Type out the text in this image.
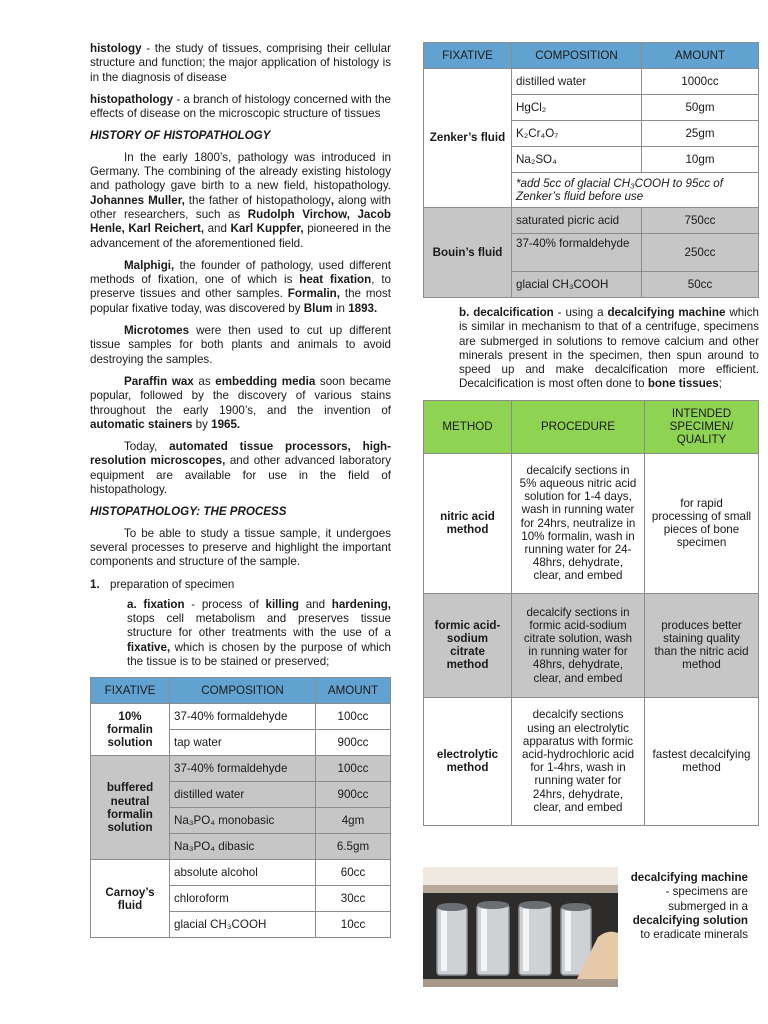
histology - the study of tissues, comprising their cellular structure and function; the major application of histology is in the diagnosis of disease

histopathology - a branch of histology concerned with the effects of disease on the microscopic structure of tissues

HISTORY OF HISTOPATHOLOGY

In the early 1800’s, pathology was introduced in Germany. The combining of the already existing histology and pathology gave birth to a new field, histopathology. Johannes Muller, the father of histopathology, along with other researchers, such as Rudolph Virchow, Jacob Henle, Karl Reichert, and Karl Kuppfer, pioneered in the advancement of the aforementioned field.

Malphigi, the founder of pathology, used different methods of fixation, one of which is heat fixation, to preserve tissues and other samples. Formalin, the most popular fixative today, was discovered by Blum in 1893.

Microtomes were then used to cut up different tissue samples for both plants and animals to avoid destroying the samples.

Paraffin wax as embedding media soon became popular, followed by the discovery of various stains throughout the early 1900’s, and the invention of automatic stainers by 1965.

Today, automated tissue processors, high-resolution microscopes, and other advanced laboratory equipment are available for use in the field of histopathology.

HISTOPATHOLOGY: THE PROCESS

To be able to study a tissue sample, it undergoes several processes to preserve and highlight the important components and structure of the sample.

1. preparation of specimen

a. fixation - process of killing and hardening, stops cell metabolism and preserves tissue structure for other treatments with the use of a fixative, which is chosen by the purpose of which the tissue is to be stained or preserved;

FIXATIVE	COMPOSITION	AMOUNT
10% formalin solution	37-40% formaldehyde	100cc
	tap water	900cc
buffered neutral formalin solution	37-40% formaldehyde	100cc
	distilled water	900cc
	Na₃PO₄ monobasic	4gm
	Na₃PO₄ dibasic	6.5gm
Carnoy’s fluid	absolute alcohol	60cc
	chloroform	30cc
	glacial CH₃COOH	10cc
FIXATIVE	COMPOSITION	AMOUNT
Zenker’s fluid	distilled water	1000cc
	HgCl₂	50gm
	K₂Cr₄O₇	25gm
	Na₂SO₄	10gm
	*add 5cc of glacial CH₃COOH to 95cc of Zenker’s fluid before use	
Bouin’s fluid	saturated picric acid	750cc
	37-40% formaldehyde	250cc
	glacial CH₃COOH	50cc

b. decalcification - using a decalcifying machine which is similar in mechanism to that of a centrifuge, specimens are submerged in solutions to remove calcium and other minerals present in the specimen, then spun around to speed up and make decalcification more efficient. Decalcification is most often done to bone tissues;

METHOD	PROCEDURE	INTENDED SPECIMEN/ QUALITY
nitric acid method	decalcify sections in 5% aqueous nitric acid solution for 1-4 days, wash in running water for 24hrs, neutralize in 10% formalin, wash in running water for 24-48hrs, dehydrate, clear, and embed	for rapid processing of small pieces of bone specimen
formic acid-sodium citrate method	decalcify sections in formic acid-sodium citrate solution, wash in running water for 48hrs, dehydrate, clear, and embed	produces better staining quality than the nitric acid method
electrolytic method	decalcify sections using an electrolytic apparatus with formic acid-hydrochloric acid for 1-4hrs, wash in running water for 24hrs, dehydrate, clear, and embed	fastest decalcifying method
decalcifying machine - specimens are submerged in a decalcifying solution to eradicate minerals
